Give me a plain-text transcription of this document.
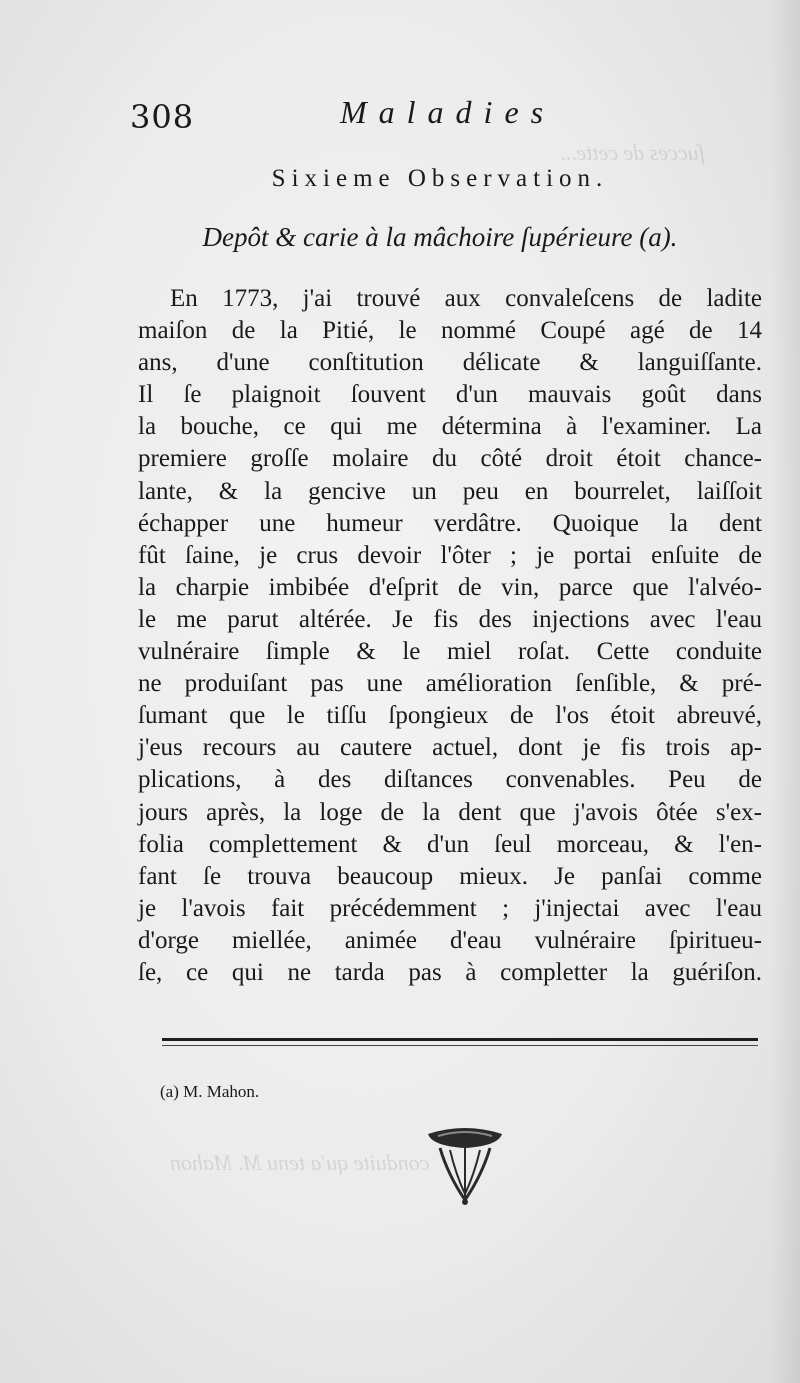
ſucces de cette...
conduite qu'a tenu M. Mahon
308	Maladies
Sixieme Observation.
Depôt & carie à la mâchoire ſupérieure (a).
En 1773, j'ai trouvé aux convaleſcens de ladite
maiſon de la Pitié, le nommé Coupé agé de 14
ans, d'une conſtitution délicate & languiſſante.
Il ſe plaignoit ſouvent d'un mauvais goût dans
la bouche, ce qui me détermina à l'examiner. La
premiere groſſe molaire du côté droit étoit chance-
lante, & la gencive un peu en bourrelet, laiſſoit
échapper une humeur verdâtre. Quoique la dent
fût ſaine, je crus devoir l'ôter ; je portai enſuite de
la charpie imbibée d'eſprit de vin, parce que l'alvéo-
le me parut altérée. Je fis des injections avec l'eau
vulnéraire ſimple & le miel roſat. Cette conduite
ne produiſant pas une amélioration ſenſible, & pré-
ſumant que le tiſſu ſpongieux de l'os étoit abreuvé,
j'eus recours au cautere actuel, dont je fis trois ap-
plications, à des diſtances convenables. Peu de
jours après, la loge de la dent que j'avois ôtée s'ex-
folia complettement & d'un ſeul morceau, & l'en-
fant ſe trouva beaucoup mieux. Je panſai comme
je l'avois fait précédemment ; j'injectai avec l'eau
d'orge miellée, animée d'eau vulnéraire ſpiritueu-
ſe, ce qui ne tarda pas à completter la guériſon.
(a) M. Mahon.
